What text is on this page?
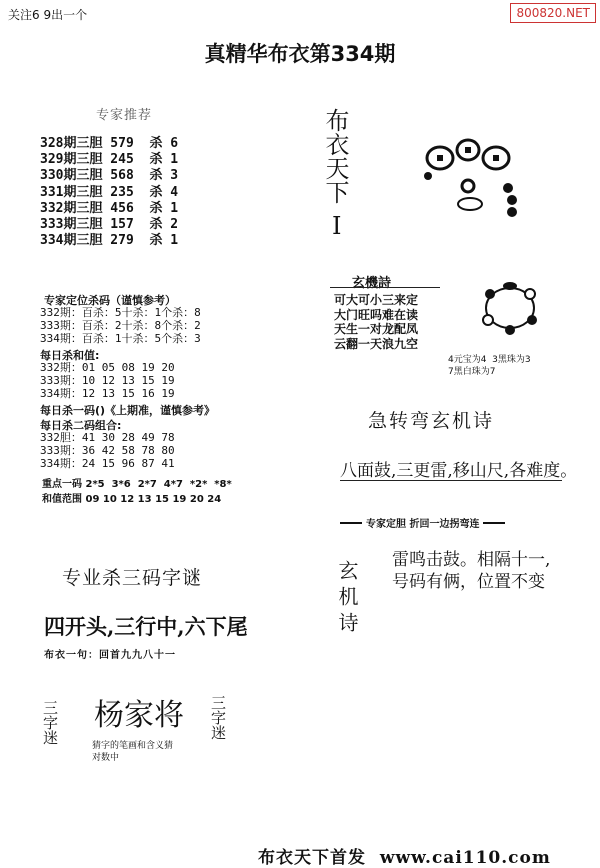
关注6 9出一个	800820.NET
真精华布衣第334期
专家推荐
328期三胆 579  杀 6
329期三胆 245  杀 1
330期三胆 568  杀 3
331期三胆 235  杀 4
332期三胆 456  杀 1
333期三胆 157  杀 2
334期三胆 279  杀 1
专家定位杀码（谨慎参考）
332期：百杀：5十杀：1个杀：8
333期：百杀：2十杀：8个杀：2
334期：百杀：1十杀：5个杀：3
每日杀和值:
332期：01 05 08 19 20
333期：10 12 13 15 19
334期：12 13 15 16 19
每日杀一码()《上期准，谨慎参考》
每日杀二码组合:
332胆：41 30 28 49 78
333期：36 42 58 78 80
334期：24 15 96 87 41
重点一码 2*5  3*6  2*7  4*7  *2*  *8*
和值范围 09 10 12 13 15 19 20 24
专业杀三码字谜
四开头,三行中,六下尾
布衣一句：回首九九八十一
三字迷 杨家将 三字迷
猜字的笔画和含义猜对数中
布衣天下
I
玄機詩
可大可小三来定
大门旺吗难在读
天生一对龙配凤
云翻一天浪九空
4元宝为4  3黑珠为3
7黑白珠为7
急转弯玄机诗
八面鼓,三更雷,移山尺,各难度。
专家定胆 折回一边拐弯连
玄机诗 雷鸣击鼓。相隔十一,
号码有俩，位置不变
布衣天下首发  www.cai110.com
